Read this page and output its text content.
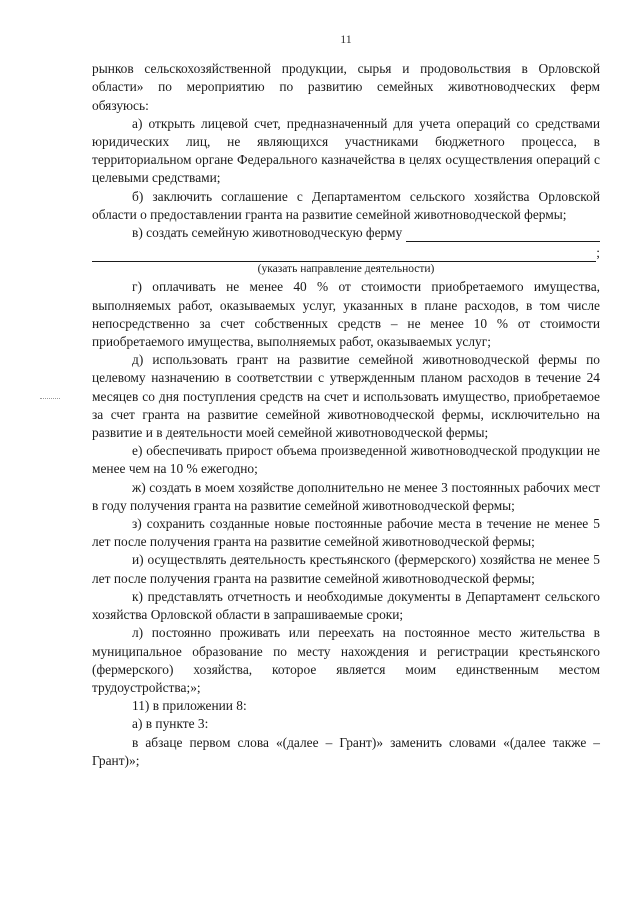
11

рынков сельскохозяйственной продукции, сырья и продовольствия в Орловской

области» по мероприятию по развитию семейных животноводческих ферм

обязуюсь:

а) открыть лицевой счет, предназначенный для учета операций со средствами юридических лиц, не являющихся участниками бюджетного процесса, в территориальном органе Федерального казначейства в целях осуществления операций с целевыми средствами;

б) заключить соглашение с Департаментом сельского хозяйства Орловской области о предоставлении гранта на развитие семейной животноводческой фермы;

в) создать семейную животноводческую ферму
;
(указать направление деятельности)

г) оплачивать не менее 40 % от стоимости приобретаемого имущества, выполняемых работ, оказываемых услуг, указанных в плане расходов, в том числе непосредственно за счет собственных средств – не менее 10 % от стоимости приобретаемого имущества, выполняемых работ, оказываемых услуг;

д) использовать грант на развитие семейной животноводческой фермы по целевому назначению в соответствии с утвержденным планом расходов в течение 24 месяцев со дня поступления средств на счет и использовать имущество, приобретаемое за счет гранта на развитие семейной животноводческой фермы, исключительно на развитие и в деятельности моей семейной животноводческой фермы;

е) обеспечивать прирост объема произведенной животноводческой продукции не менее чем на 10 % ежегодно;

ж) создать в моем хозяйстве дополнительно не менее 3 постоянных рабочих мест в году получения гранта на развитие семейной животноводческой фермы;

з) сохранить созданные новые постоянные рабочие места в течение не менее 5 лет после получения гранта на развитие семейной животноводческой фермы;

и) осуществлять деятельность крестьянского (фермерского) хозяйства не менее 5 лет после получения гранта на развитие семейной животноводческой фермы;

к) представлять отчетность и необходимые документы в Департамент сельского хозяйства Орловской области в запрашиваемые сроки;

л) постоянно проживать или переехать на постоянное место жительства в муниципальное образование по месту нахождения и регистрации крестьянского (фермерского) хозяйства, которое является моим единственным местом трудоустройства;»;

11) в приложении 8:

а) в пункте 3:

в абзаце первом слова «(далее – Грант)» заменить словами «(далее также – Грант)»;
